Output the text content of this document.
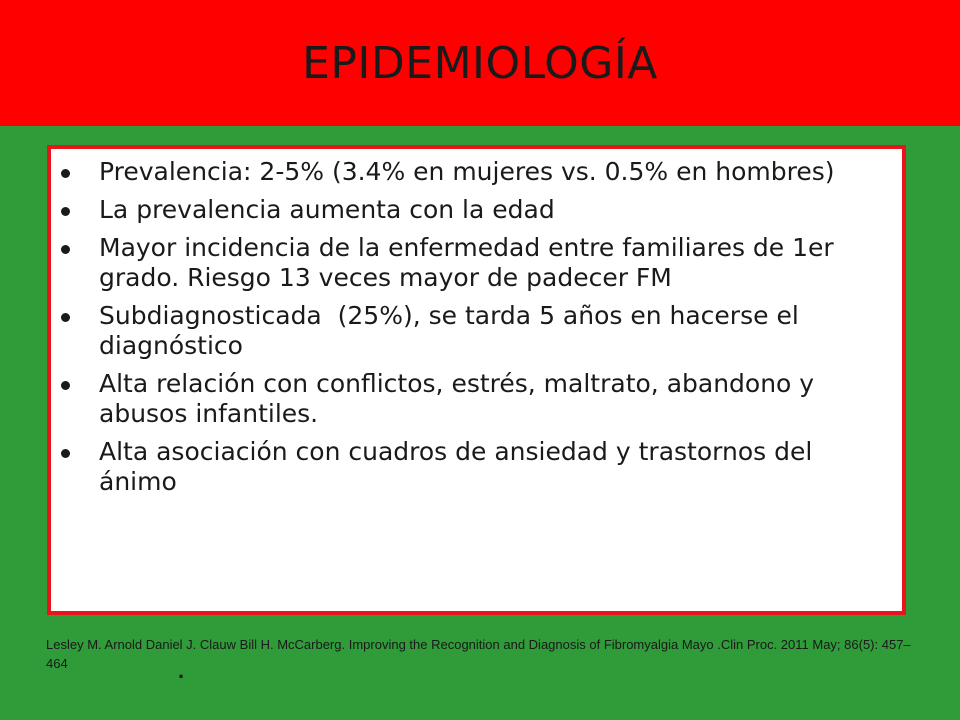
EPIDEMIOLOGÍA
Prevalencia: 2-5% (3.4% en mujeres vs. 0.5% en hombres)
La prevalencia aumenta con la edad
Mayor incidencia de la enfermedad entre familiares de 1er grado. Riesgo 13 veces mayor de padecer FM
Subdiagnosticada  (25%), se tarda 5 años en hacerse el diagnóstico
Alta relación con conflictos, estrés, maltrato, abandono y abusos infantiles.
Alta asociación con cuadros de ansiedad y trastornos del ánimo
Lesley M. Arnold Daniel J. Clauw Bill H. McCarberg. Improving the Recognition and Diagnosis of Fibromyalgia Mayo .Clin Proc. 2011 May; 86(5): 457–464	.
